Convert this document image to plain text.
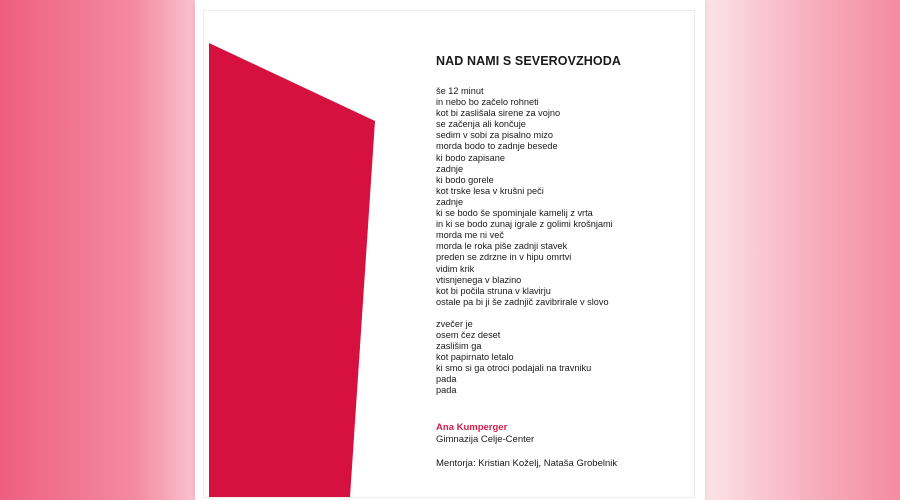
NAD NAMI S SEVEROVZHODA
še 12 minut
in nebo bo začelo rohneti
kot bi zaslišala sirene za vojno
se začenja ali končuje
sedim v sobi za pisalno mizo
morda bodo to zadnje besede
ki bodo zapisane
zadnje
ki bodo gorele
kot trske lesa v krušni peči
zadnje
ki se bodo še spominjale kamelij z vrta
in ki se bodo zunaj igrale z golimi krošnjami
morda me ni več
morda le roka piše zadnji stavek
preden se zdrzne in v hipu omrtvi
vidim krik
vtisnjenega v blazino
kot bi počila struna v klavirju
ostale pa bi ji še zadnjič zavibrirale v slovo
zvečer je
osem čez deset
zaslišim ga
kot papirnato letalo
ki smo si ga otroci podajali na travniku
pada
pada
Ana Kumperger
Gimnazija Celje-Center
Mentorja: Kristian Koželj, Nataša Grobelnik
